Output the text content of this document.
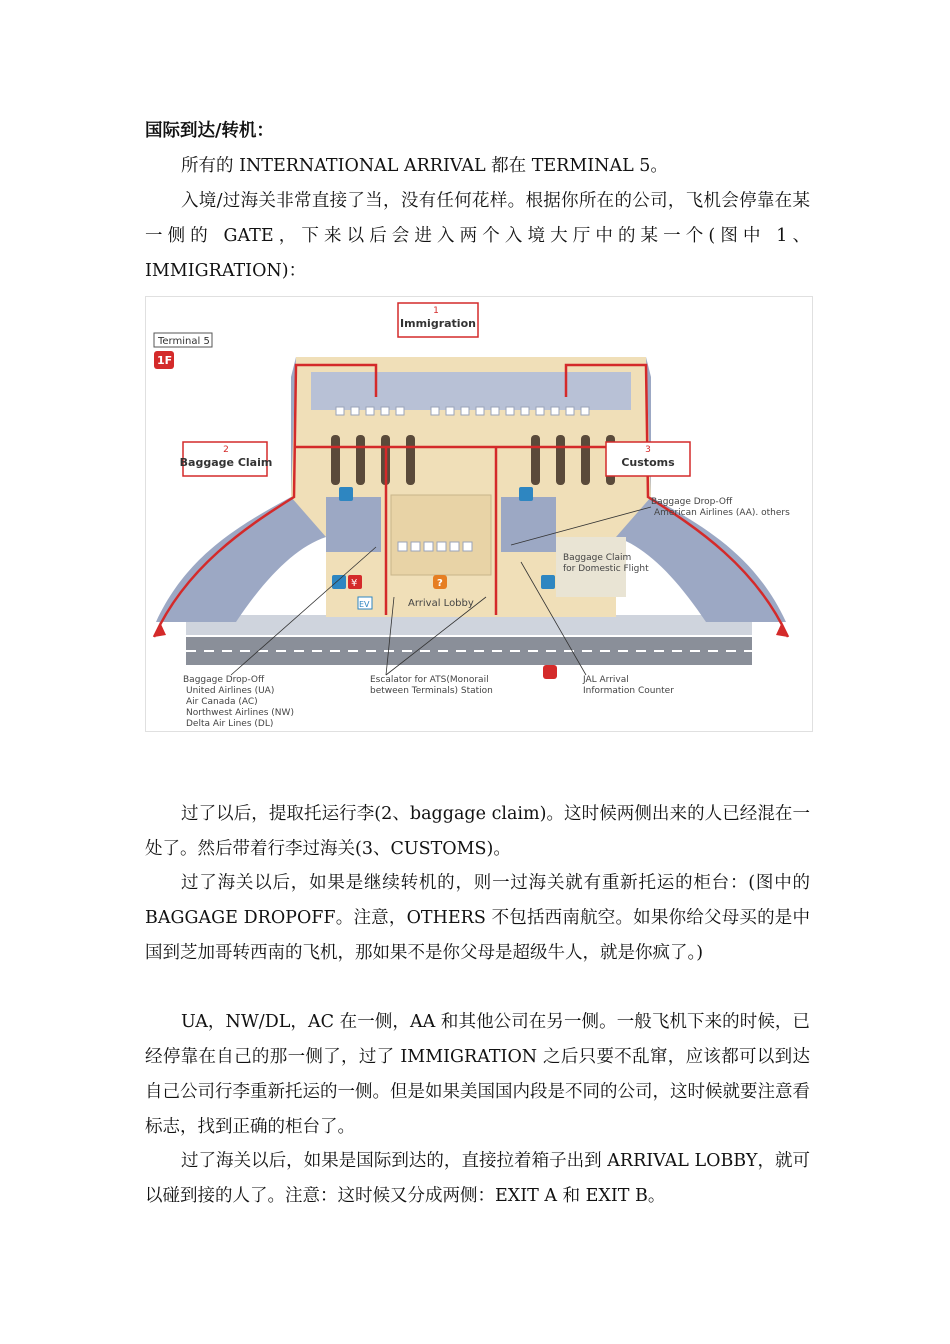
国际到达/转机：

所有的 INTERNATIONAL ARRIVAL 都在 TERMINAL 5。

入境/过海关非常直接了当，没有任何花样。根据你所在的公司，飞机会停靠在某一侧的 GATE，下来以后会进入两个入境大厅中的某一个(图中 1、IMMIGRATION)：

Terminal 5
1F
1
Immigration
2
Baggage Claim
3
Customs
Baggage Drop-Off
American Airlines (AA). others
Baggage Claim
for Domestic Flight
¥	?
EV	Arrival Lobby
Baggage Drop-Off
United Airlines (UA)
Air Canada (AC)
Northwest Airlines (NW)
Delta Air Lines (DL)
Escalator for ATS(Monorail
between Terminals) Station
JAL Arrival
Information Counter

过了以后，提取托运行李(2、baggage claim)。这时候两侧出来的人已经混在一处了。然后带着行李过海关(3、CUSTOMS)。

过了海关以后，如果是继续转机的，则一过海关就有重新托运的柜台：(图中的 BAGGAGE DROPOFF。注意，OTHERS 不包括西南航空。如果你给父母买的是中国到芝加哥转西南的飞机，那如果不是你父母是超级牛人，就是你疯了。)

UA，NW/DL，AC 在一侧，AA 和其他公司在另一侧。一般飞机下来的时候，已经停靠在自己的那一侧了，过了 IMMIGRATION 之后只要不乱窜，应该都可以到达自己公司行李重新托运的一侧。但是如果美国国内段是不同的公司，这时候就要注意看标志，找到正确的柜台了。

过了海关以后，如果是国际到达的，直接拉着箱子出到 ARRIVAL LOBBY，就可以碰到接的人了。注意：这时候又分成两侧：EXIT A 和 EXIT B。
